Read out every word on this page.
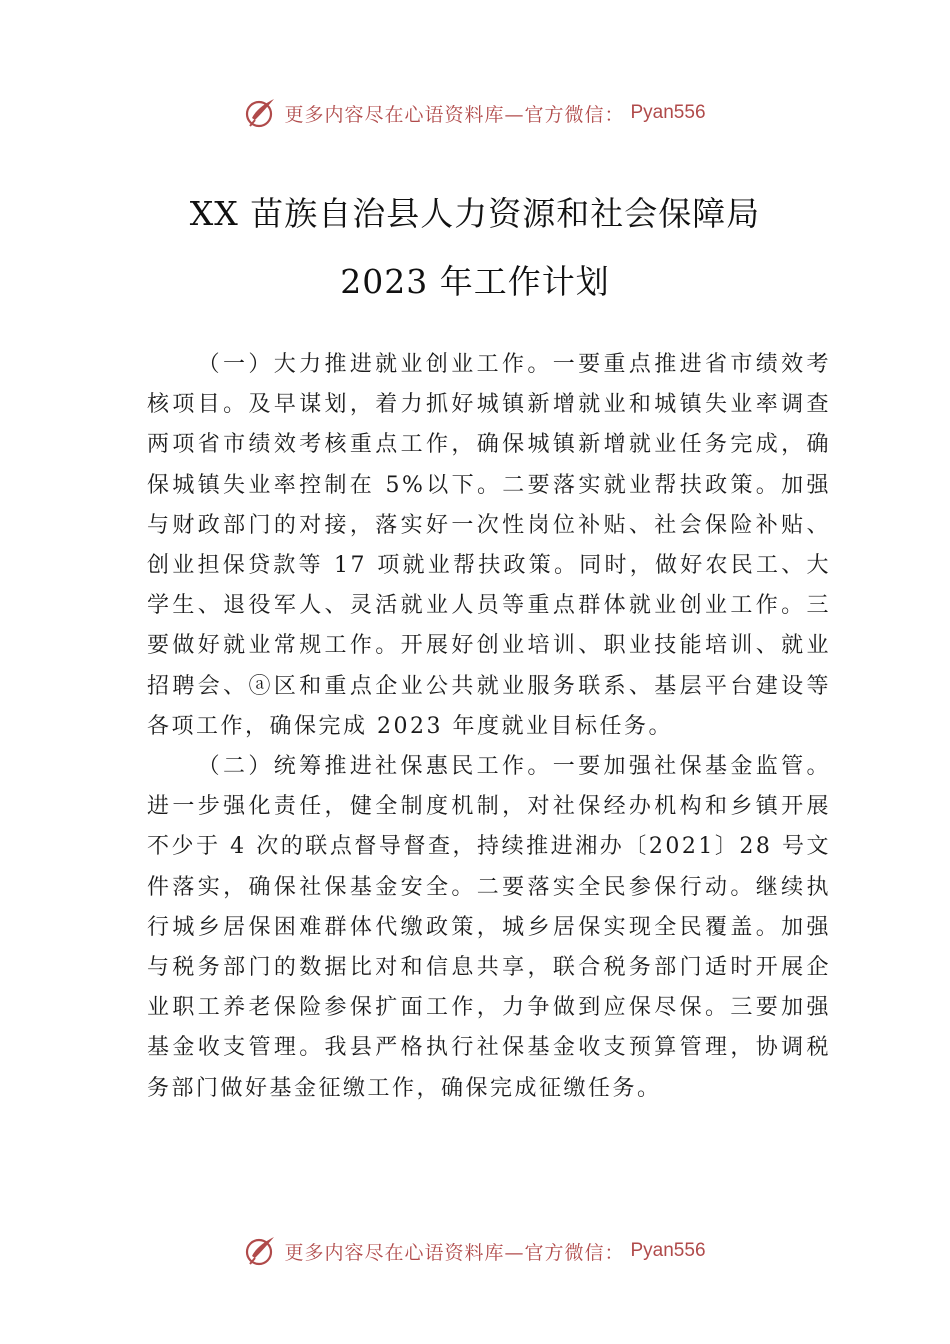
更多内容尽在心语资料库—官方微信： Pyan556
XX 苗族自治县人力资源和社会保障局
2023 年工作计划

（一）大力推进就业创业工作。一要重点推进省市绩效考核项目。及早谋划，着力抓好城镇新增就业和城镇失业率调查两项省市绩效考核重点工作，确保城镇新增就业任务完成，确保城镇失业率控制在 5%以下。二要落实就业帮扶政策。加强与财政部门的对接，落实好一次性岗位补贴、社会保险补贴、创业担保贷款等 17 项就业帮扶政策。同时，做好农民工、大学生、退役军人、灵活就业人员等重点群体就业创业工作。三要做好就业常规工作。开展好创业培训、职业技能培训、就业招聘会、ⓐ区和重点企业公共就业服务联系、基层平台建设等各项工作，确保完成 2023 年度就业目标任务。

（二）统筹推进社保惠民工作。一要加强社保基金监管。进一步强化责任，健全制度机制，对社保经办机构和乡镇开展不少于 4 次的联点督导督查，持续推进湘办〔2021〕28 号文件落实，确保社保基金安全。二要落实全民参保行动。继续执行城乡居保困难群体代缴政策，城乡居保实现全民覆盖。加强与税务部门的数据比对和信息共享，联合税务部门适时开展企业职工养老保险参保扩面工作，力争做到应保尽保。三要加强基金收支管理。我县严格执行社保基金收支预算管理，协调税务部门做好基金征缴工作，确保完成征缴任务。

更多内容尽在心语资料库—官方微信： Pyan556
